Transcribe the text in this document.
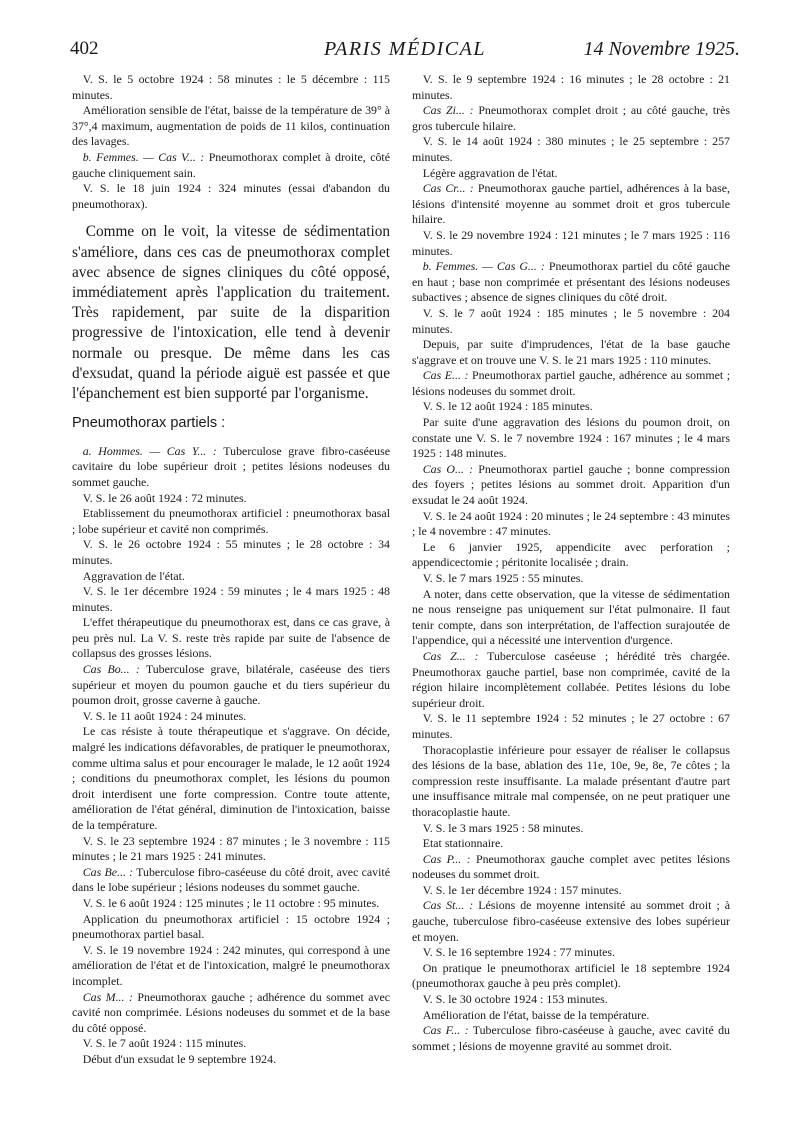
402	PARIS MÉDICAL	14 Novembre 1925.

V. S. le 5 octobre 1924 : 58 minutes : le 5 décembre : 115 minutes.

Amélioration sensible de l'état, baisse de la température de 39° à 37°,4 maximum, augmentation de poids de 11 kilos, continuation des lavages.

b. Femmes. — Cas V... : Pneumothorax complet à droite, côté gauche cliniquement sain.

V. S. le 18 juin 1924 : 324 minutes (essai d'abandon du pneumothorax).

Comme on le voit, la vitesse de sédimentation s'améliore, dans ces cas de pneumothorax complet avec absence de signes cliniques du côté opposé, immédiatement après l'application du traitement. Très rapidement, par suite de la disparition progressive de l'intoxication, elle tend à devenir normale ou presque. De même dans les cas d'exsudat, quand la période aiguë est passée et que l'épanchement est bien supporté par l'organisme.

Pneumothorax partiels :

a. Hommes. — Cas Y... : Tuberculose grave fibro-caséeuse cavitaire du lobe supérieur droit ; petites lésions nodeuses du sommet gauche.

V. S. le 26 août 1924 : 72 minutes.

Etablissement du pneumothorax artificiel : pneumothorax basal ; lobe supérieur et cavité non comprimés.

V. S. le 26 octobre 1924 : 55 minutes ; le 28 octobre : 34 minutes.

Aggravation de l'état.

V. S. le 1er décembre 1924 : 59 minutes ; le 4 mars 1925 : 48 minutes.

L'effet thérapeutique du pneumothorax est, dans ce cas grave, à peu près nul. La V. S. reste très rapide par suite de l'absence de collapsus des grosses lésions.

Cas Bo... : Tuberculose grave, bilatérale, caséeuse des tiers supérieur et moyen du poumon gauche et du tiers supérieur du poumon droit, grosse caverne à gauche.

V. S. le 11 août 1924 : 24 minutes.

Le cas résiste à toute thérapeutique et s'aggrave. On décide, malgré les indications défavorables, de pratiquer le pneumothorax, comme ultima salus et pour encourager le malade, le 12 août 1924 ; conditions du pneumothorax complet, les lésions du poumon droit interdisent une forte compression. Contre toute attente, amélioration de l'état général, diminution de l'intoxication, baisse de la température.

V. S. le 23 septembre 1924 : 87 minutes ; le 3 novembre : 115 minutes ; le 21 mars 1925 : 241 minutes.

Cas Be... : Tuberculose fibro-caséeuse du côté droit, avec cavité dans le lobe supérieur ; lésions nodeuses du sommet gauche.

V. S. le 6 août 1924 : 125 minutes ; le 11 octobre : 95 minutes.

Application du pneumothorax artificiel : 15 octobre 1924 ; pneumothorax partiel basal.

V. S. le 19 novembre 1924 : 242 minutes, qui correspond à une amélioration de l'état et de l'intoxication, malgré le pneumothorax incomplet.

Cas M... : Pneumothorax gauche ; adhérence du sommet avec cavité non comprimée. Lésions nodeuses du sommet et de la base du côté opposé.

V. S. le 7 août 1924 : 115 minutes.

Début d'un exsudat le 9 septembre 1924.

V. S. le 9 septembre 1924 : 16 minutes ; le 28 octobre : 21 minutes.

Cas Zi... : Pneumothorax complet droit ; au côté gauche, très gros tubercule hilaire.

V. S. le 14 août 1924 : 380 minutes ; le 25 septembre : 257 minutes.

Légère aggravation de l'état.

Cas Cr... : Pneumothorax gauche partiel, adhérences à la base, lésions d'intensité moyenne au sommet droit et gros tubercule hilaire.

V. S. le 29 novembre 1924 : 121 minutes ; le 7 mars 1925 : 116 minutes.

b. Femmes. — Cas G... : Pneumothorax partiel du côté gauche en haut ; base non comprimée et présentant des lésions nodeuses subactives ; absence de signes cliniques du côté droit.

V. S. le 7 août 1924 : 185 minutes ; le 5 novembre : 204 minutes.

Depuis, par suite d'imprudences, l'état de la base gauche s'aggrave et on trouve une V. S. le 21 mars 1925 : 110 minutes.

Cas E... : Pneumothorax partiel gauche, adhérence au sommet ; lésions nodeuses du sommet droit.

V. S. le 12 août 1924 : 185 minutes.

Par suite d'une aggravation des lésions du poumon droit, on constate une V. S. le 7 novembre 1924 : 167 minutes ; le 4 mars 1925 : 148 minutes.

Cas O... : Pneumothorax partiel gauche ; bonne compression des foyers ; petites lésions au sommet droit. Apparition d'un exsudat le 24 août 1924.

V. S. le 24 août 1924 : 20 minutes ; le 24 septembre : 43 minutes ; le 4 novembre : 47 minutes.

Le 6 janvier 1925, appendicite avec perforation ; appendicectomie ; péritonite localisée ; drain.

V. S. le 7 mars 1925 : 55 minutes.

A noter, dans cette observation, que la vitesse de sédimentation ne nous renseigne pas uniquement sur l'état pulmonaire. Il faut tenir compte, dans son interprétation, de l'affection surajoutée de l'appendice, qui a nécessité une intervention d'urgence.

Cas Z... : Tuberculose caséeuse ; hérédité très chargée. Pneumothorax gauche partiel, base non comprimée, cavité de la région hilaire incomplètement collabée. Petites lésions du lobe supérieur droit.

V. S. le 11 septembre 1924 : 52 minutes ; le 27 octobre : 67 minutes.

Thoracoplastie inférieure pour essayer de réaliser le collapsus des lésions de la base, ablation des 11e, 10e, 9e, 8e, 7e côtes ; la compression reste insuffisante. La malade présentant d'autre part une insuffisance mitrale mal compensée, on ne peut pratiquer une thoracoplastie haute.

V. S. le 3 mars 1925 : 58 minutes.

Etat stationnaire.

Cas P... : Pneumothorax gauche complet avec petites lésions nodeuses du sommet droit.

V. S. le 1er décembre 1924 : 157 minutes.

Cas St... : Lésions de moyenne intensité au sommet droit ; à gauche, tuberculose fibro-caséeuse extensive des lobes supérieur et moyen.

V. S. le 16 septembre 1924 : 77 minutes.

On pratique le pneumothorax artificiel le 18 septembre 1924 (pneumothorax gauche à peu près complet).

V. S. le 30 octobre 1924 : 153 minutes.

Amélioration de l'état, baisse de la température.

Cas F... : Tuberculose fibro-caséeuse à gauche, avec cavité du sommet ; lésions de moyenne gravité au sommet droit.
